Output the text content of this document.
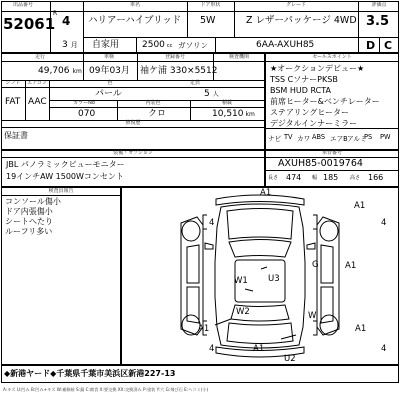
出品番号
52061
R
4
車名
ハリアーハイブリッド
ドア形状
5W
グレード
Z レザーパッケージ 4WD
評価点
3.5
3 月 自家用	2500 cc ガソリン	6AA-AXUH85	D C
走行	車検	登録番号	検査機関
49,706 km 09年03月 袖ケ浦 330×5512
シフト	エアコン	色	定員
FAT AAC
パール	5 人
カラーNo	内装色	積載
070	クロ	10,510 km
修復歴
保証書
セールスポイント
★オークションデビュー★
TSS CソナーPKSB
BSM HUD RCTA
前席ヒーター&ベンチレーター
ステアリングヒーター
デジタルインナーミラー
ナビ TV カワ ABS エアB アルミ
PS PW
装備・オプション
JBL パノラミックビューモニター
19インチAW 1500Wコンセント
車台番号
AXUH85-0019764
長さ 474 幅 185 高さ 166
検査員報告
コンソール傷小
ドア内張傷小
シートへたり
ルーフリ多い
A1
4	4
A1
G	A1
U3
W1
W2	W
A1	A1
4	4
U2
A1
◆新港ヤード◆千葉県千葉市美浜区新港227-13
A:キズ U:凹み B:凹み+キズ W:補修跡 S:錆 C:腐食 X:要交換 XX:交換済み P:塗装 Y:穴 G:飛び石 E:ヘコミ(小)
